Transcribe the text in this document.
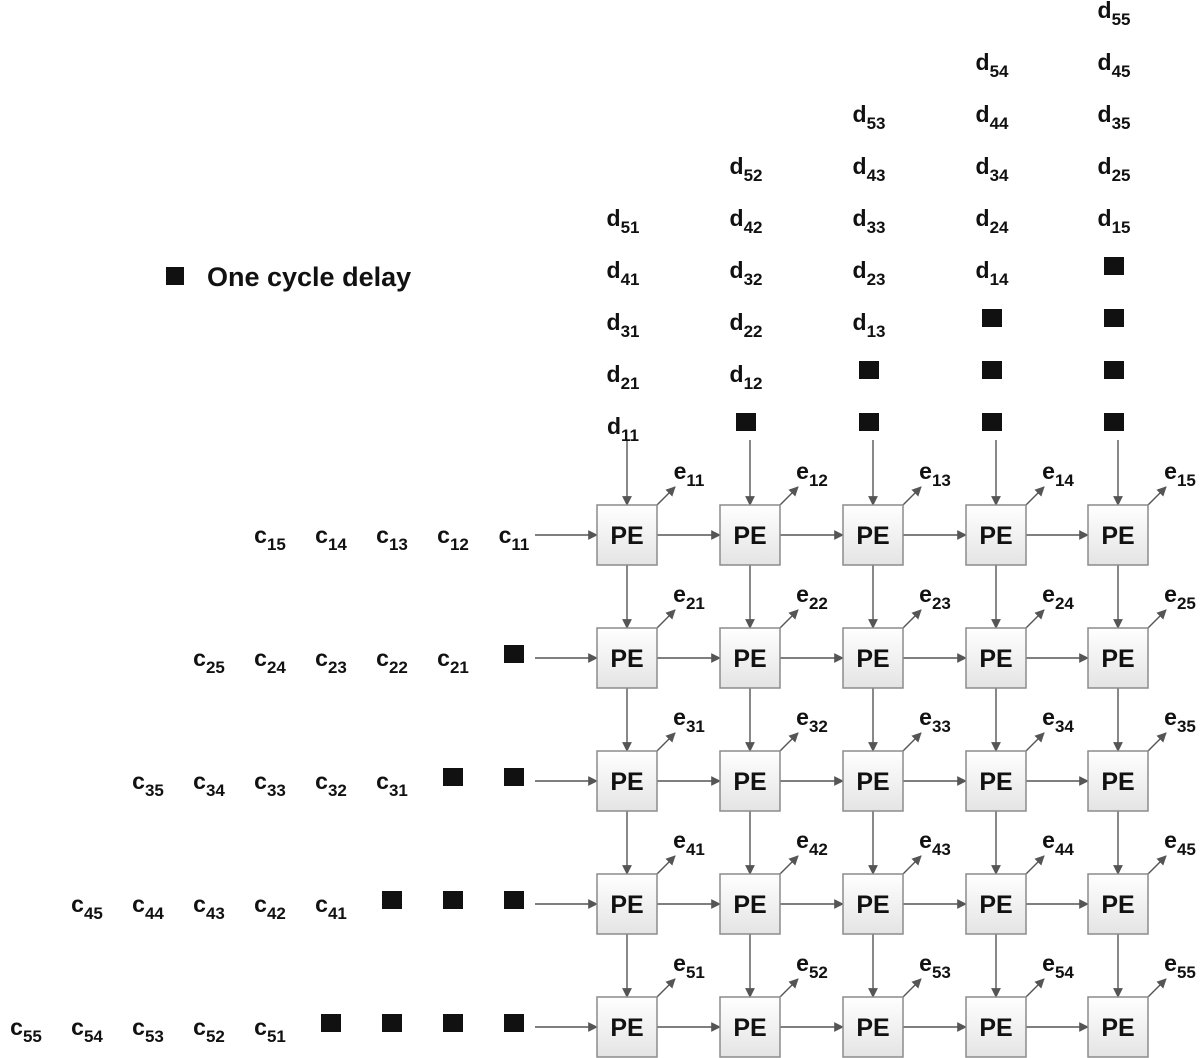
One cycle delay
PE	PE	PE	PE	PE
PE	PE	PE	PE	PE
PE	PE	PE	PE	PE
PE	PE	PE	PE	PE
PE	PE	PE	PE	PE
d51
d41
d31
d21
d11
d52
d42
d32
d22
d12
d53
d43
d33
d23
d13
d54
d44
d34
d24
d14
d55
d45
d35
d25
d15
c15 c14 c13 c12 c11
c25 c24 c23 c22 c21
c35 c34 c33 c32 c31
c45 c44 c43 c42 c41
c55 c54 c53 c52 c51
e11	e12	e13	e14	e15
e21	e22	e23	e24	e25
e31	e32	e33	e34	e35
e41	e42	e43	e44	e45
e51	e52	e53	e54	e55
